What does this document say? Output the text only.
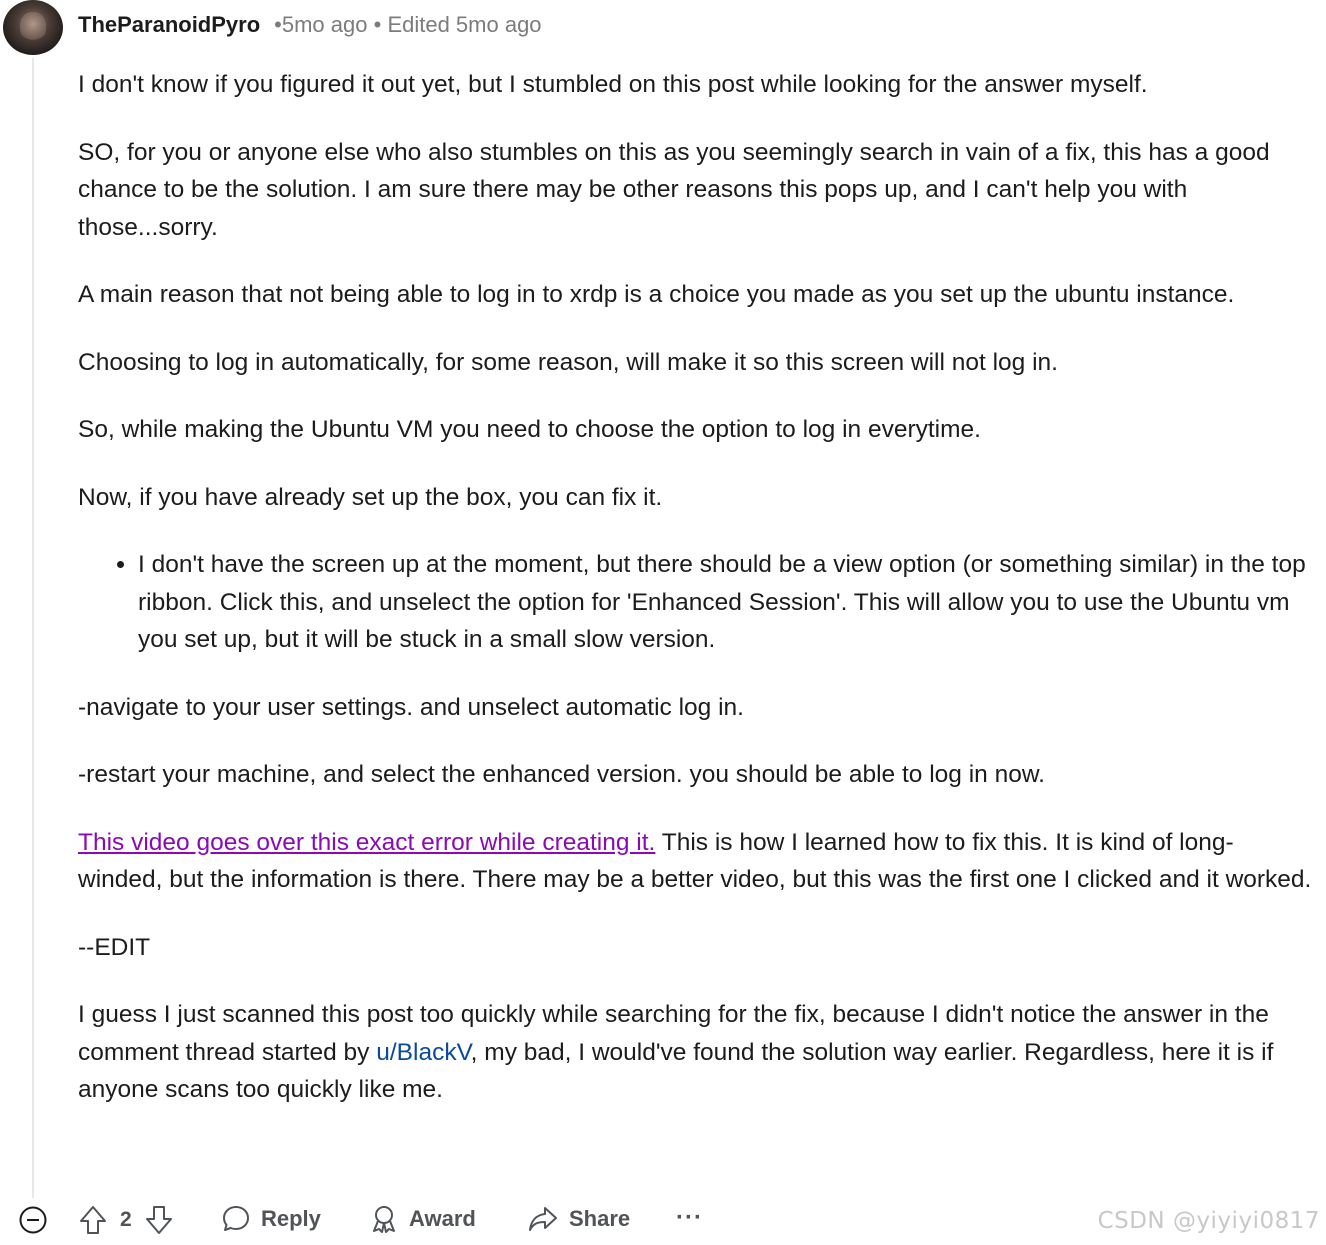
TheParanoidPyro • 5mo ago • Edited 5mo ago

I don't know if you figured it out yet, but I stumbled on this post while looking for the answer myself.

SO, for you or anyone else who also stumbles on this as you seemingly search in vain of a fix, this has a good chance to be the solution. I am sure there may be other reasons this pops up, and I can't help you with those...sorry.

A main reason that not being able to log in to xrdp is a choice you made as you set up the ubuntu instance.

Choosing to log in automatically, for some reason, will make it so this screen will not log in.

So, while making the Ubuntu VM you need to choose the option to log in everytime.

Now, if you have already set up the box, you can fix it.

• I don't have the screen up at the moment, but there should be a view option (or something similar) in the top ribbon. Click this, and unselect the option for 'Enhanced Session'. This will allow you to use the Ubuntu vm you set up, but it will be stuck in a small slow version.

-navigate to your user settings. and unselect automatic log in.

-restart your machine, and select the enhanced version. you should be able to log in now.

This video goes over this exact error while creating it. This is how I learned how to fix this. It is kind of long-winded, but the information is there. There may be a better video, but this was the first one I clicked and it worked.

--EDIT

I guess I just scanned this post too quickly while searching for the fix, because I didn't notice the answer in the comment thread started by u/BlackV, my bad, I would've found the solution way earlier. Regardless, here it is if anyone scans too quickly like me.

2	Reply	Award	Share ···	CSDN @yiyiyi0817
